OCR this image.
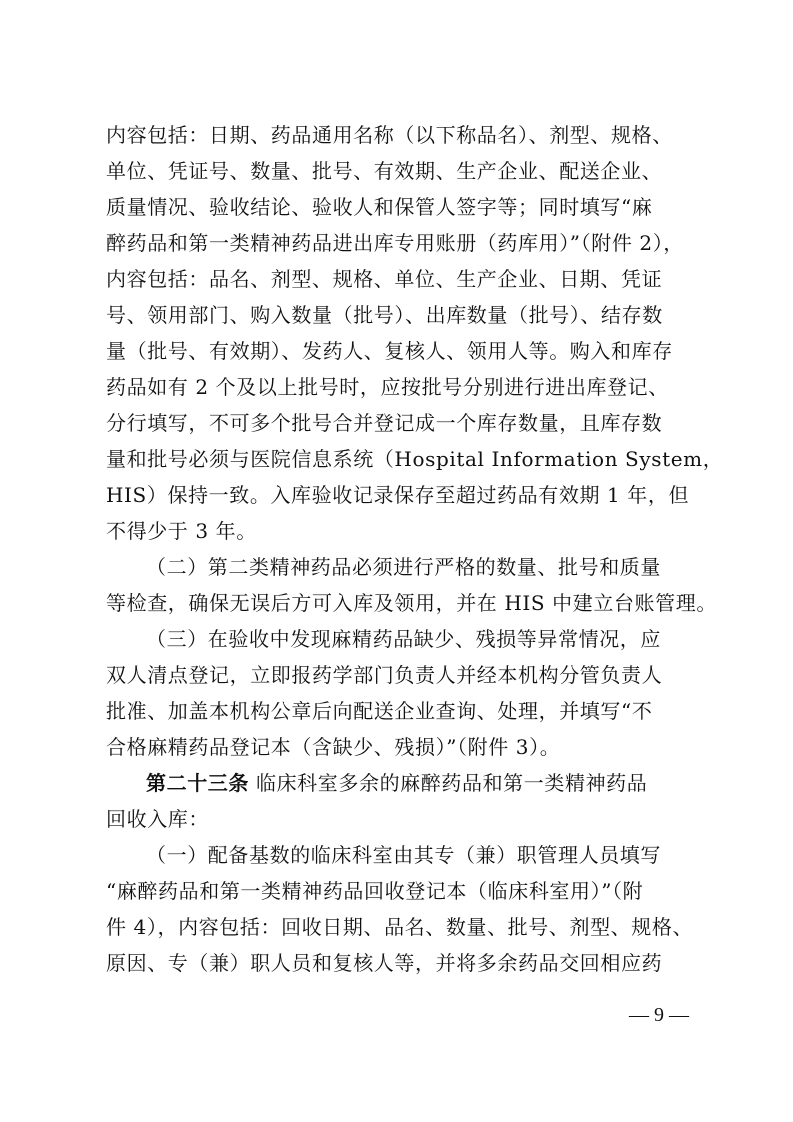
内容包括：日期、药品通用名称（以下称品名）、剂型、规格、
单位、凭证号、数量、批号、有效期、生产企业、配送企业、
质量情况、验收结论、验收人和保管人签字等；同时填写“麻
醉药品和第一类精神药品进出库专用账册（药库用）”（附件 2），
内容包括：品名、剂型、规格、单位、生产企业、日期、凭证
号、领用部门、购入数量（批号）、出库数量（批号）、结存数
量（批号、有效期）、发药人、复核人、领用人等。购入和库存
药品如有 2 个及以上批号时，应按批号分别进行进出库登记、
分行填写，不可多个批号合并登记成一个库存数量，且库存数
量和批号必须与医院信息系统（Hospital Information System，
HIS）保持一致。入库验收记录保存至超过药品有效期 1 年，但
不得少于 3 年。
（二）第二类精神药品必须进行严格的数量、批号和质量
等检查，确保无误后方可入库及领用，并在 HIS 中建立台账管理。
（三）在验收中发现麻精药品缺少、残损等异常情况，应
双人清点登记，立即报药学部门负责人并经本机构分管负责人
批准、加盖本机构公章后向配送企业查询、处理，并填写“不
合格麻精药品登记本（含缺少、残损）”（附件 3）。
第二十三条 临床科室多余的麻醉药品和第一类精神药品
回收入库：
（一）配备基数的临床科室由其专（兼）职管理人员填写
“麻醉药品和第一类精神药品回收登记本（临床科室用）”（附
件 4），内容包括：回收日期、品名、数量、批号、剂型、规格、
原因、专（兼）职人员和复核人等，并将多余药品交回相应药
— 9 —
